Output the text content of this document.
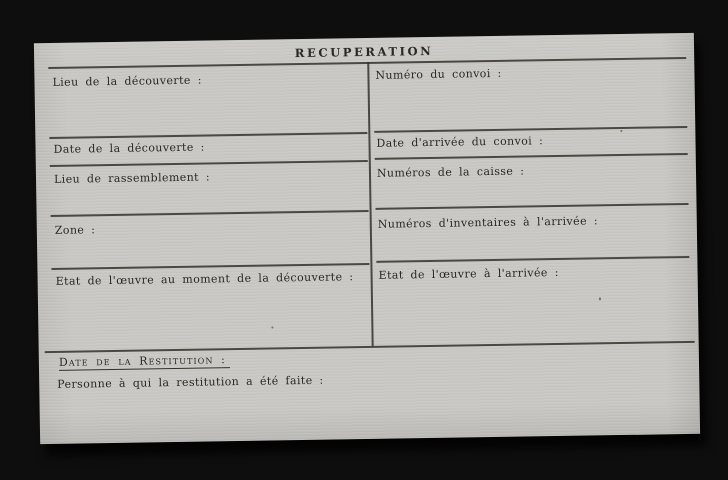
RECUPERATION
Lieu de la découverte :
Date de la découverte :
Lieu de rassemblement :
Zone :
Etat de l'œuvre au moment de la découverte :
Numéro du convoi :
Date d'arrivée du convoi :
Numéros de la caisse :
Numéros d'inventaires à l'arrivée :
Etat de l'œuvre à l'arrivée :
Date de la Restitution :
Personne à qui la restitution a été faite :
